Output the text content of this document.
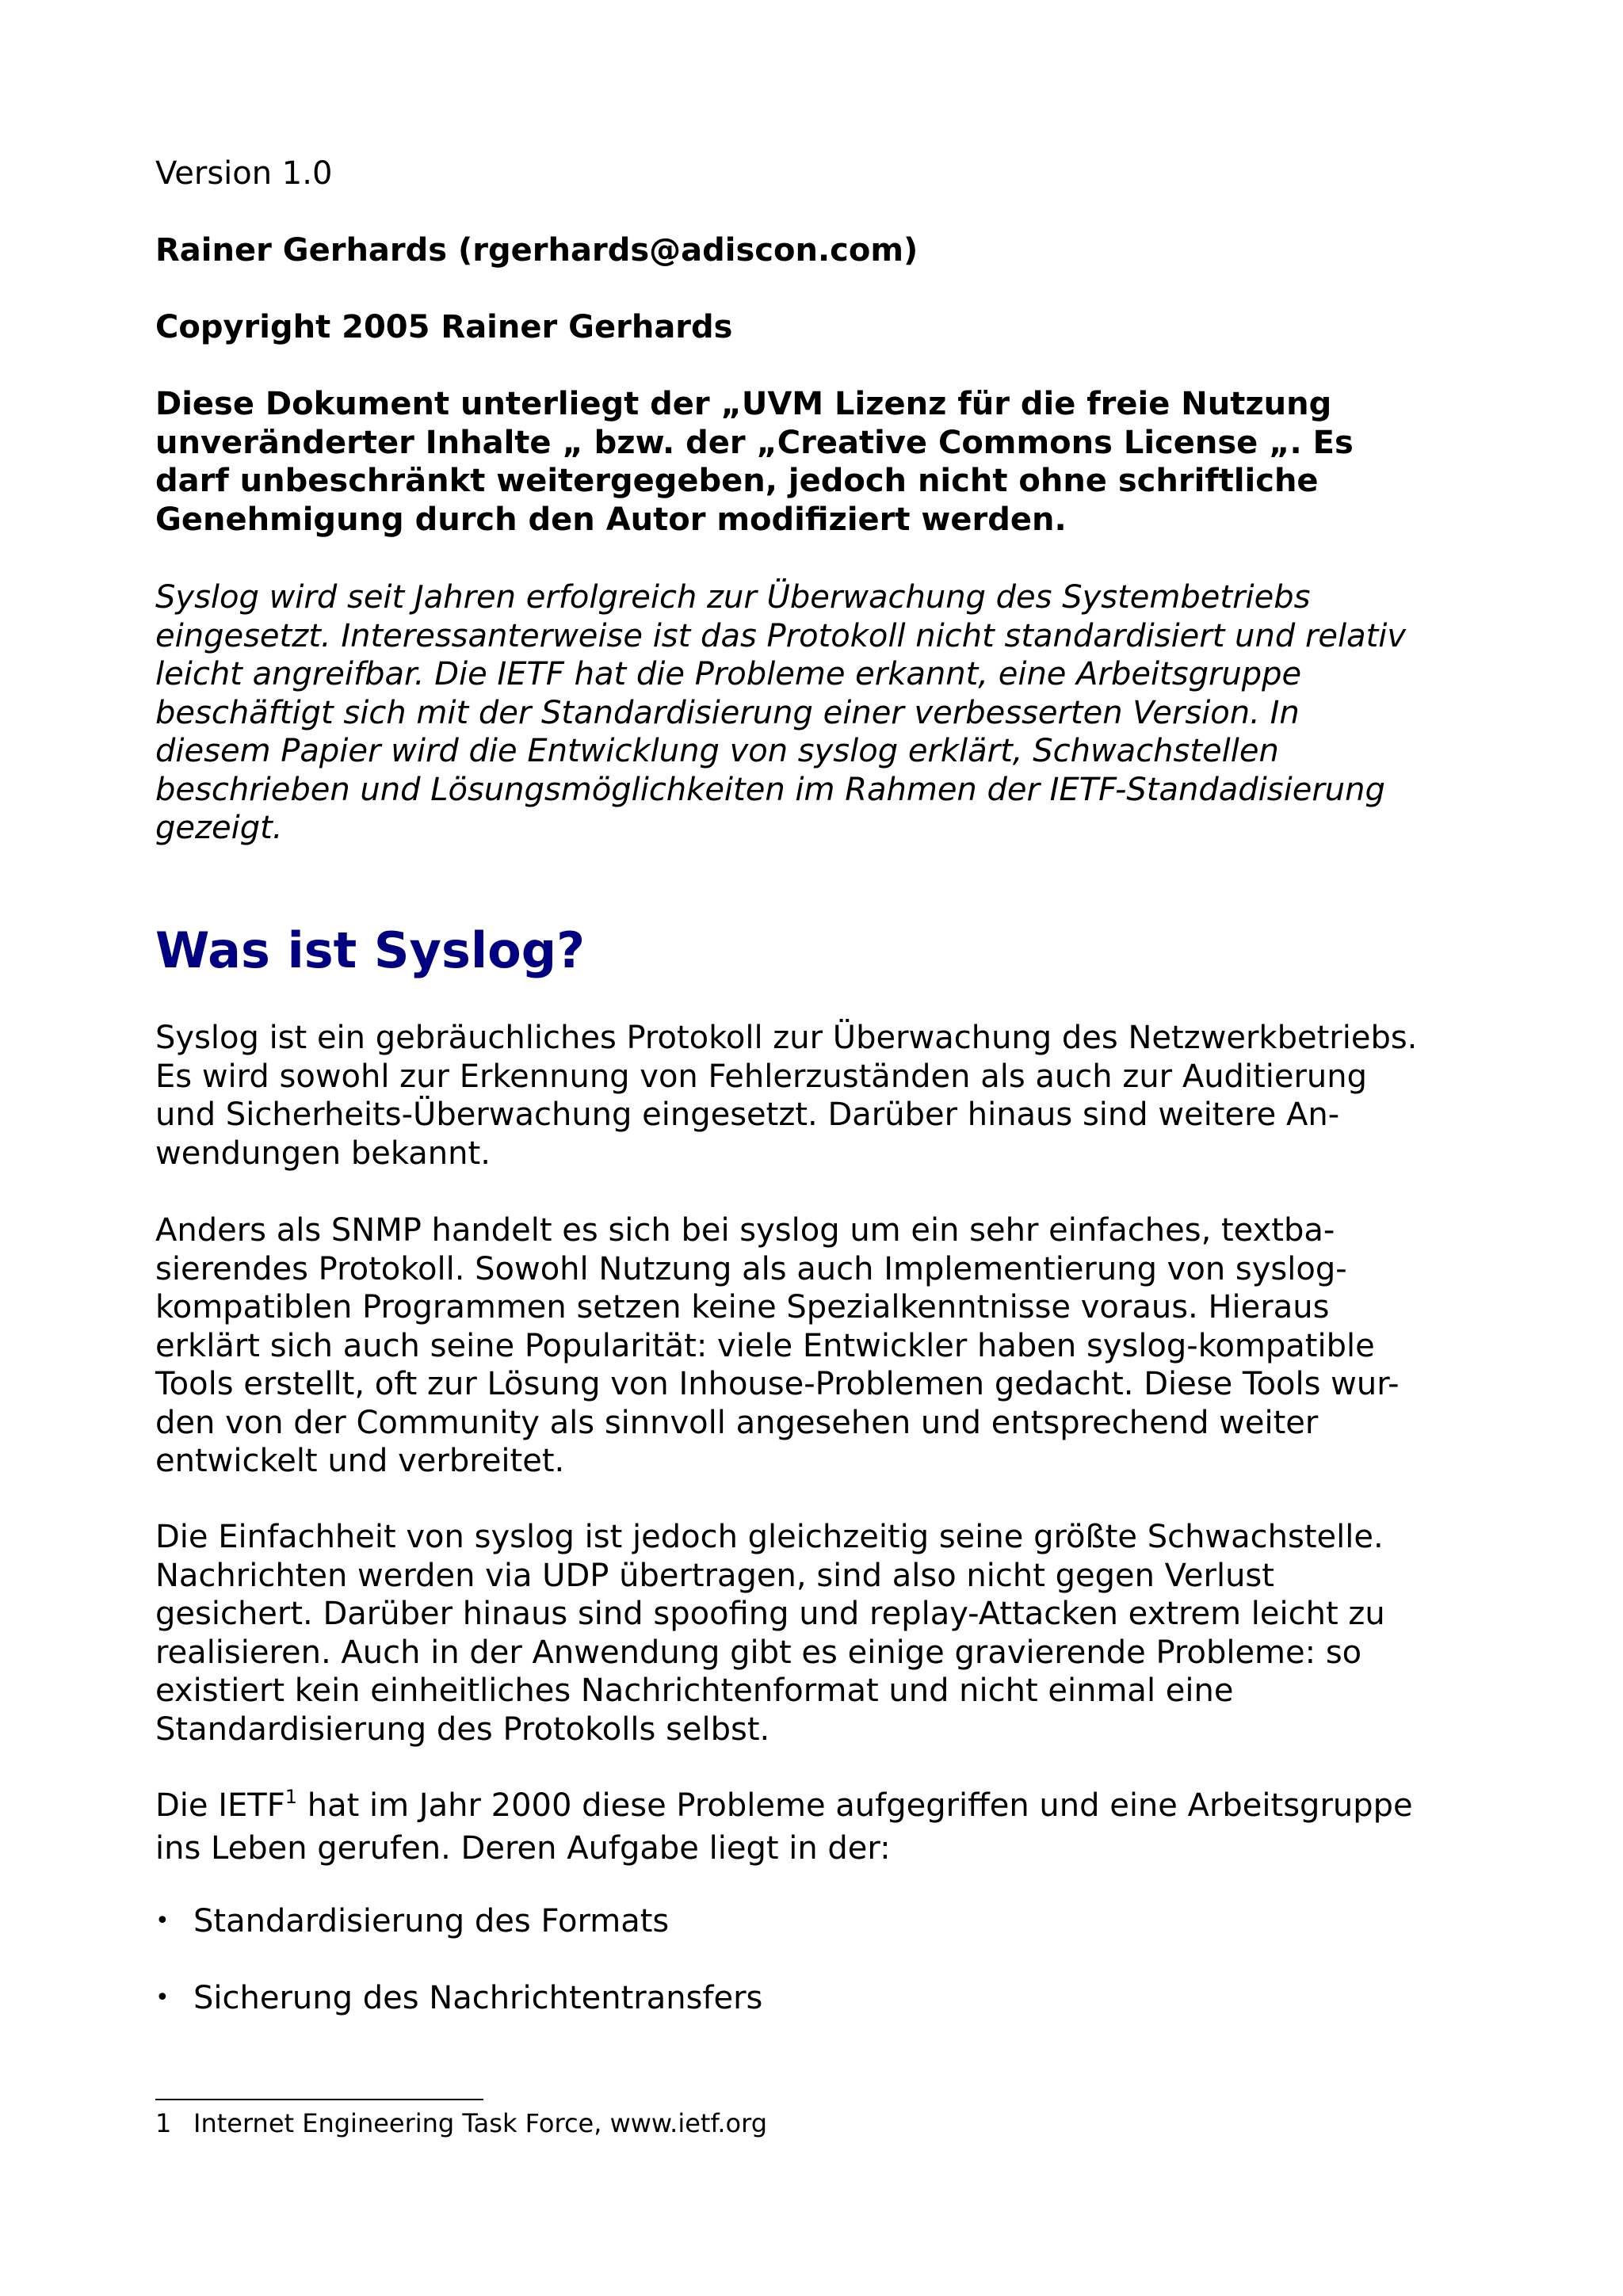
Version 1.0

Rainer Gerhards (rgerhards@adiscon.com)

Copyright 2005 Rainer Gerhards

Diese Dokument unterliegt der „UVM Lizenz für die freie Nutzung
unveränderter Inhalte „ bzw. der „Creative Commons License „. Es
darf unbeschränkt weitergegeben, jedoch nicht ohne schriftliche
Genehmigung durch den Autor modifiziert werden.

Syslog wird seit Jahren erfolgreich zur Überwachung des Systembetriebs
eingesetzt. Interessanterweise ist das Protokoll nicht standardisiert und relativ
leicht angreifbar. Die IETF hat die Probleme erkannt, eine Arbeitsgruppe
beschäftigt sich mit der Standardisierung einer verbesserten Version. In
diesem Papier wird die Entwicklung von syslog erklärt, Schwachstellen
beschrieben und Lösungsmöglichkeiten im Rahmen der IETF-Standadisierung
gezeigt.

Was ist Syslog?

Syslog ist ein gebräuchliches Protokoll zur Überwachung des Netzwerkbetriebs.
Es wird sowohl zur Erkennung von Fehlerzuständen als auch zur Auditierung
und Sicherheits-Überwachung eingesetzt. Darüber hinaus sind weitere An-
wendungen bekannt.

Anders als SNMP handelt es sich bei syslog um ein sehr einfaches, textba-
sierendes Protokoll. Sowohl Nutzung als auch Implementierung von syslog-
kompatiblen Programmen setzen keine Spezialkenntnisse voraus. Hieraus
erklärt sich auch seine Popularität: viele Entwickler haben syslog-kompatible
Tools erstellt, oft zur Lösung von Inhouse-Problemen gedacht. Diese Tools wur-
den von der Community als sinnvoll angesehen und entsprechend weiter
entwickelt und verbreitet.

Die Einfachheit von syslog ist jedoch gleichzeitig seine größte Schwachstelle.
Nachrichten werden via UDP übertragen, sind also nicht gegen Verlust
gesichert. Darüber hinaus sind spoofing und replay-Attacken extrem leicht zu
realisieren. Auch in der Anwendung gibt es einige gravierende Probleme: so
existiert kein einheitliches Nachrichtenformat und nicht einmal eine
Standardisierung des Protokolls selbst.

Die IETF$^1$ hat im Jahr 2000 diese Probleme aufgegriffen und eine Arbeitsgruppe
ins Leben gerufen. Deren Aufgabe liegt in der:

• Standardisierung des Formats
• Sicherung des Nachrichtentransfers
1 Internet Engineering Task Force, www.ietf.org
